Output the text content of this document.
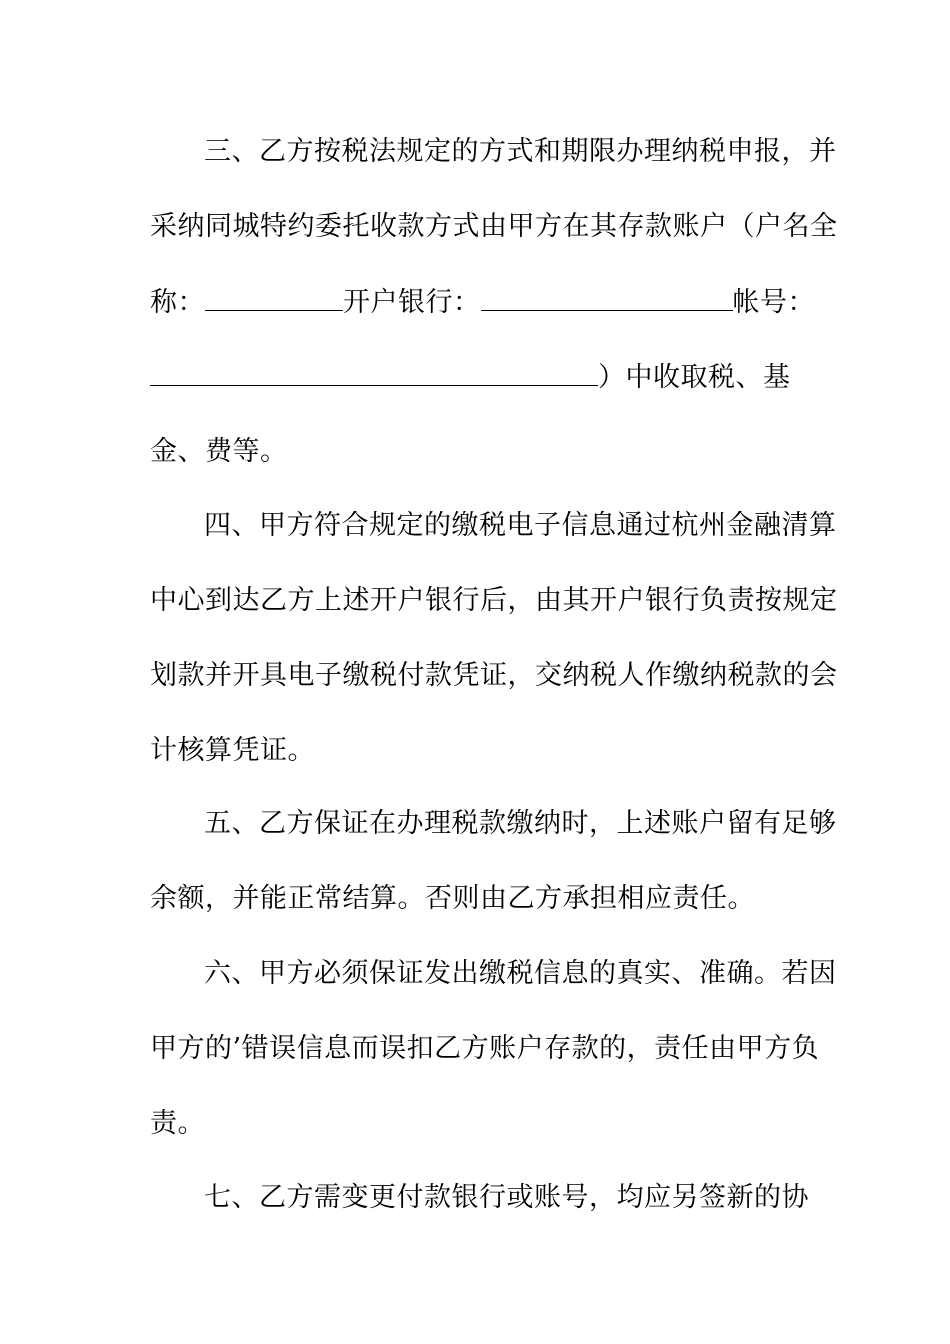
三、乙方按税法规定的方式和期限办理纳税申报，并
采纳同城特约委托收款方式由甲方在其存款账户（户名全
称：	开户银行：	帐号：
）中收取税、基
金、费等。
四、甲方符合规定的缴税电子信息通过杭州金融清算
中心到达乙方上述开户银行后，由其开户银行负责按规定
划款并开具电子缴税付款凭证，交纳税人作缴纳税款的会
计核算凭证。
五、乙方保证在办理税款缴纳时，上述账户留有足够
余额，并能正常结算。否则由乙方承担相应责任。
六、甲方必须保证发出缴税信息的真实、准确。若因
甲方的’错误信息而误扣乙方账户存款的，责任由甲方负
责。
七、乙方需变更付款银行或账号，均应另签新的协
